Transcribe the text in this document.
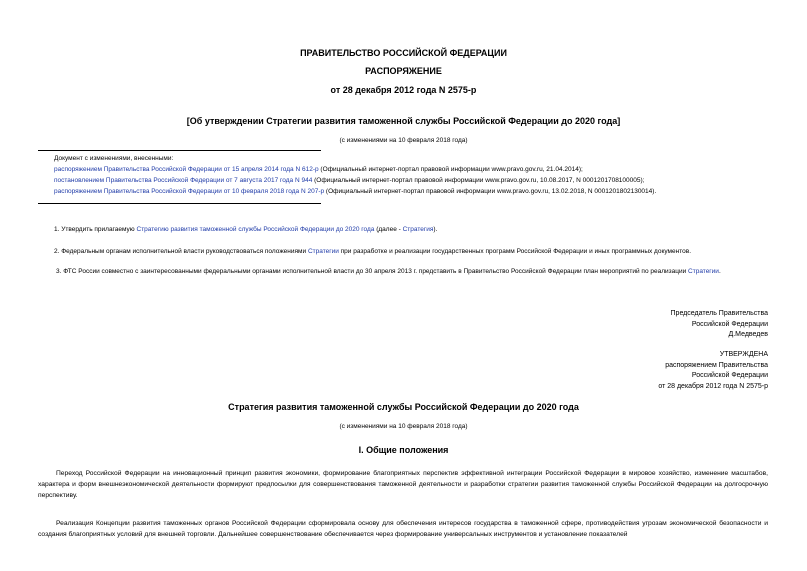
ПРАВИТЕЛЬСТВО РОССИЙСКОЙ ФЕДЕРАЦИИ
РАСПОРЯЖЕНИЕ
от 28 декабря 2012 года N 2575-р
[Об утверждении Стратегии развития таможенной службы Российской Федерации до 2020 года]
(с изменениями на 10 февраля 2018 года)
Документ с изменениями, внесенными:
распоряжением Правительства Российской Федерации от 15 апреля 2014 года N 612-р (Официальный интернет-портал правовой информации www.pravo.gov.ru, 21.04.2014);
постановлением Правительства Российской Федерации от 7 августа 2017 года N 944 (Официальный интернет-портал правовой информации www.pravo.gov.ru, 10.08.2017, N 0001201708100005);
распоряжением Правительства Российской Федерации от 10 февраля 2018 года N 207-р (Официальный интернет-портал правовой информации www.pravo.gov.ru, 13.02.2018, N 0001201802130014).
1. Утвердить прилагаемую Стратегию развития таможенной службы Российской Федерации до 2020 года (далее - Стратегия).
2. Федеральным органам исполнительной власти руководствоваться положениями Стратегии при разработке и реализации государственных программ Российской Федерации и иных программных документов.
3. ФТС России совместно с заинтересованными федеральными органами исполнительной власти до 30 апреля 2013 г. представить в Правительство Российской Федерации план мероприятий по реализации Стратегии.
Председатель Правительства
Российской Федерации
Д.Медведев
УТВЕРЖДЕНА
распоряжением Правительства
Российской Федерации
от 28 декабря 2012 года N 2575-р
Стратегия развития таможенной службы Российской Федерации до 2020 года
(с изменениями на 10 февраля 2018 года)
I. Общие положения
Переход Российской Федерации на инновационный принцип развития экономики, формирование благоприятных перспектив эффективной интеграции Российской Федерации в мировое хозяйство, изменение масштабов, характера и форм внешнеэкономической деятельности формируют предпосылки для совершенствования таможенной деятельности и разработки стратегии развития таможенной службы Российской Федерации на долгосрочную перспективу.
Реализация Концепции развития таможенных органов Российской Федерации сформировала основу для обеспечения интересов государства в таможенной сфере, противодействия угрозам экономической безопасности и создания благоприятных условий для внешней торговли. Дальнейшее совершенствование обеспечивается через формирование универсальных инструментов и установление показателей
